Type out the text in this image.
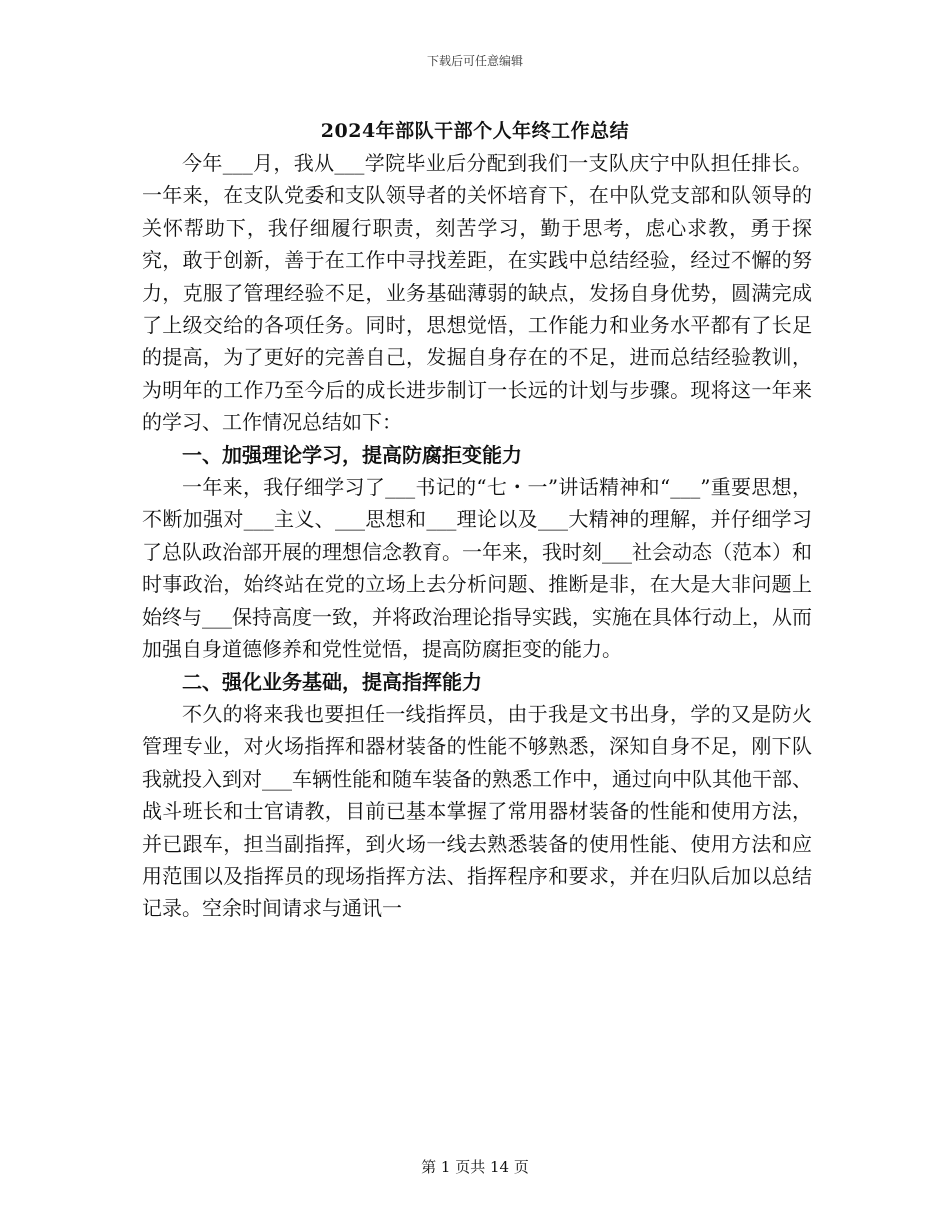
下载后可任意编辑
2024年部队干部个人年终工作总结

今年___月，我从___学院毕业后分配到我们一支队庆宁中队担任排长。一年来，在支队党委和支队领导者的关怀培育下，在中队党支部和队领导的关怀帮助下，我仔细履行职责，刻苦学习，勤于思考，虑心求教，勇于探究，敢于创新，善于在工作中寻找差距，在实践中总结经验，经过不懈的努力，克服了管理经验不足，业务基础薄弱的缺点，发扬自身优势，圆满完成了上级交给的各项任务。同时，思想觉悟，工作能力和业务水平都有了长足的提高，为了更好的完善自己，发掘自身存在的不足，进而总结经验教训，为明年的工作乃至今后的成长进步制订一长远的计划与步骤。现将这一年来的学习、工作情况总结如下：

一、加强理论学习，提高防腐拒变能力

一年来，我仔细学习了___书记的“七・一”讲话精神和“___”重要思想，不断加强对___主义、___思想和___理论以及___大精神的理解，并仔细学习了总队政治部开展的理想信念教育。一年来，我时刻___社会动态（范本）和时事政治，始终站在党的立场上去分析问题、推断是非，在大是大非问题上始终与___保持高度一致，并将政治理论指导实践，实施在具体行动上，从而加强自身道德修养和党性觉悟，提高防腐拒变的能力。

二、强化业务基础，提高指挥能力

不久的将来我也要担任一线指挥员，由于我是文书出身，学的又是防火管理专业，对火场指挥和器材装备的性能不够熟悉，深知自身不足，刚下队我就投入到对___车辆性能和随车装备的熟悉工作中，通过向中队其他干部、战斗班长和士官请教，目前已基本掌握了常用器材装备的性能和使用方法，并已跟车，担当副指挥，到火场一线去熟悉装备的使用性能、使用方法和应用范围以及指挥员的现场指挥方法、指挥程序和要求，并在归队后加以总结记录。空余时间请求与通讯一

第 1 页共 14 页
